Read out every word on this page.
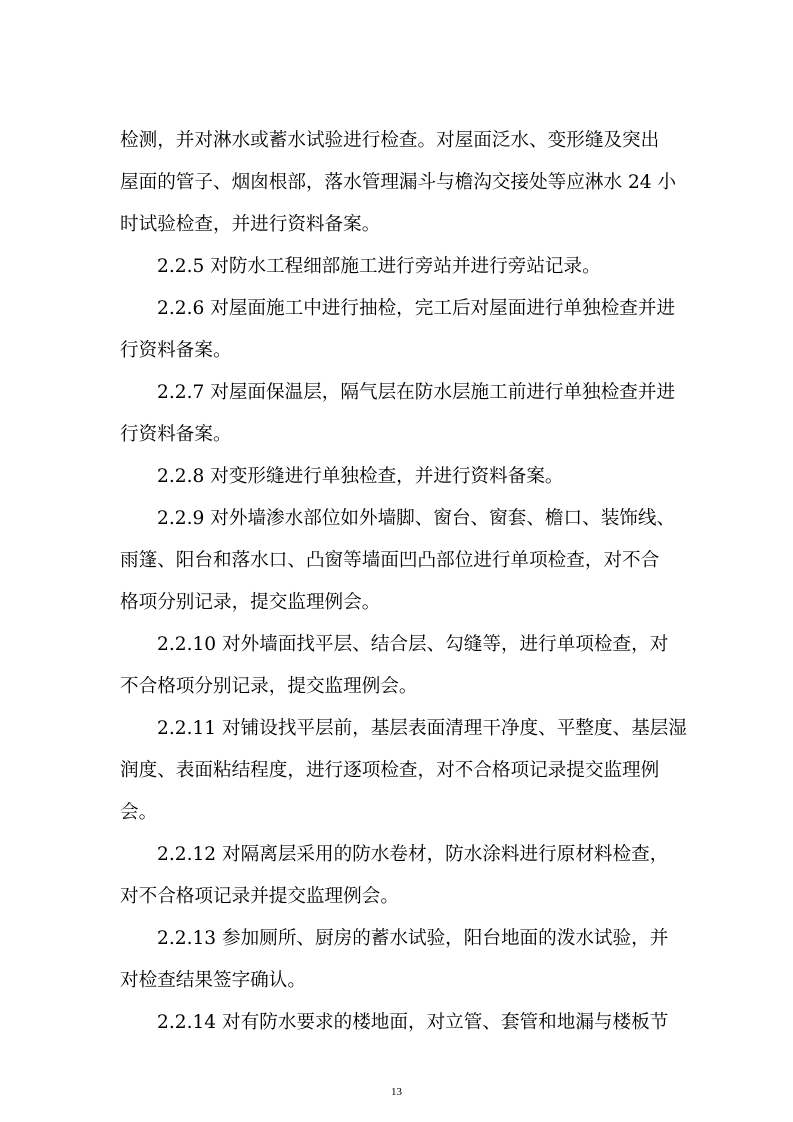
检测，并对淋水或蓄水试验进行检查。对屋面泛水、变形缝及突出
屋面的管子、烟囱根部，落水管理漏斗与檐沟交接处等应淋水 24 小
时试验检查，并进行资料备案。
2.2.5 对防水工程细部施工进行旁站并进行旁站记录。
2.2.6 对屋面施工中进行抽检，完工后对屋面进行单独检查并进
行资料备案。
2.2.7 对屋面保温层，隔气层在防水层施工前进行单独检查并进
行资料备案。
2.2.8 对变形缝进行单独检查，并进行资料备案。
2.2.9 对外墙渗水部位如外墙脚、窗台、窗套、檐口、装饰线、
雨篷、阳台和落水口、凸窗等墙面凹凸部位进行单项检查，对不合
格项分别记录，提交监理例会。
2.2.10 对外墙面找平层、结合层、勾缝等，进行单项检查，对
不合格项分别记录，提交监理例会。
2.2.11 对铺设找平层前，基层表面清理干净度、平整度、基层湿
润度、表面粘结程度，进行逐项检查，对不合格项记录提交监理例
会。
2.2.12 对隔离层采用的防水卷材，防水涂料进行原材料检查，
对不合格项记录并提交监理例会。
2.2.13 参加厕所、厨房的蓄水试验，阳台地面的泼水试验，并
对检查结果签字确认。
2.2.14 对有防水要求的楼地面，对立管、套管和地漏与楼板节
13
